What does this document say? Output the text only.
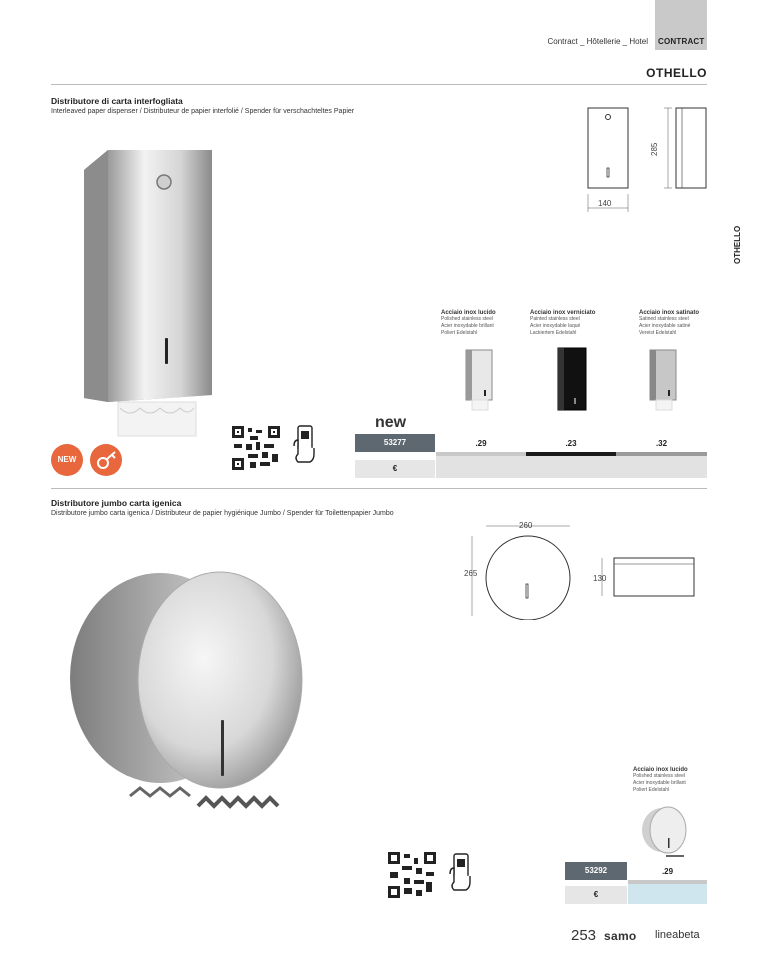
Contract _ Hôtellerie _ Hotel CONTRACT
OTHELLO
OTHELLO
Distributore di carta interfogliata
Interleaved paper dispenser / Distributeur de papier interfolié / Spender für verschachteltes Papier
285
140
Acciaio inox lucido
Polished stainless steel
Acier inoxydable brillant
Poliert Edelstahl
Acciaio inox verniciato
Painted stainless steel
Acier inoxydable laqué
Lackiertem Edelstahl
Acciaio inox satinato
Satined stainless steel
Acier inoxydable satiné
Vereist Edelstahl
NEW
new
53277
€
.29	.23	.32
Distributore jumbo carta igenica
Distributore jumbo carta igenica / Distributeur de papier hygiénique Jumbo / Spender für Toilettenpapier Jumbo
260
265
130
Acciaio inox lucido
Polished stainless steel
Acier inoxydable brillant
Poliert Edelstahl
53292
€
.29
253 samo lineabeta
